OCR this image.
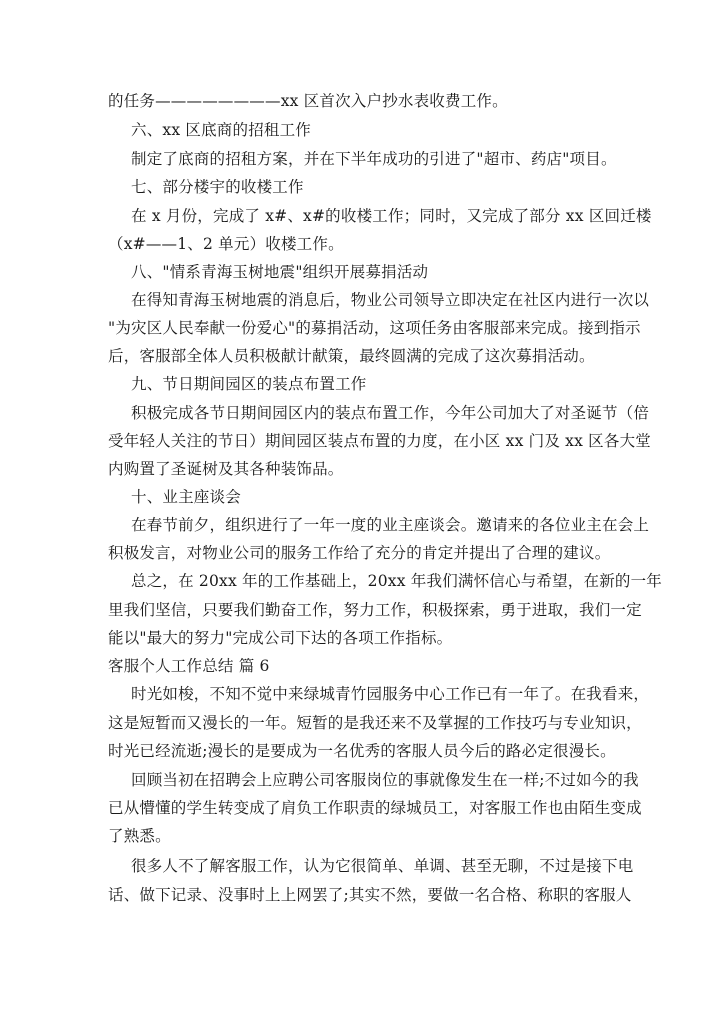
的任务————————xx 区首次入户抄水表收费工作。
六、xx 区底商的招租工作
制定了底商的招租方案，并在下半年成功的引进了"超市、药店"项目。
七、部分楼宇的收楼工作
在 x 月份，完成了 x#、x#的收楼工作；同时，又完成了部分 xx 区回迁楼
（x#——1、2 单元）收楼工作。
八、"情系青海玉树地震"组织开展募捐活动
在得知青海玉树地震的消息后，物业公司领导立即决定在社区内进行一次以
"为灾区人民奉献一份爱心"的募捐活动，这项任务由客服部来完成。接到指示
后，客服部全体人员积极献计献策，最终圆满的完成了这次募捐活动。
九、节日期间园区的装点布置工作
积极完成各节日期间园区内的装点布置工作，今年公司加大了对圣诞节（倍
受年轻人关注的节日）期间园区装点布置的力度，在小区 xx 门及 xx 区各大堂
内购置了圣诞树及其各种装饰品。
十、业主座谈会
在春节前夕，组织进行了一年一度的业主座谈会。邀请来的各位业主在会上
积极发言，对物业公司的服务工作给了充分的肯定并提出了合理的建议。
总之，在 20xx 年的工作基础上，20xx 年我们满怀信心与希望，在新的一年
里我们坚信，只要我们勤奋工作，努力工作，积极探索，勇于进取，我们一定
能以"最大的努力"完成公司下达的各项工作指标。
客服个人工作总结 篇 6
时光如梭，不知不觉中来绿城青竹园服务中心工作已有一年了。在我看来，
这是短暂而又漫长的一年。短暂的是我还来不及掌握的工作技巧与专业知识，
时光已经流逝;漫长的是要成为一名优秀的客服人员今后的路必定很漫长。
回顾当初在招聘会上应聘公司客服岗位的事就像发生在一样;不过如今的我
已从懵懂的学生转变成了肩负工作职责的绿城员工，对客服工作也由陌生变成
了熟悉。
很多人不了解客服工作，认为它很简单、单调、甚至无聊，不过是接下电
话、做下记录、没事时上上网罢了;其实不然，要做一名合格、称职的客服人
